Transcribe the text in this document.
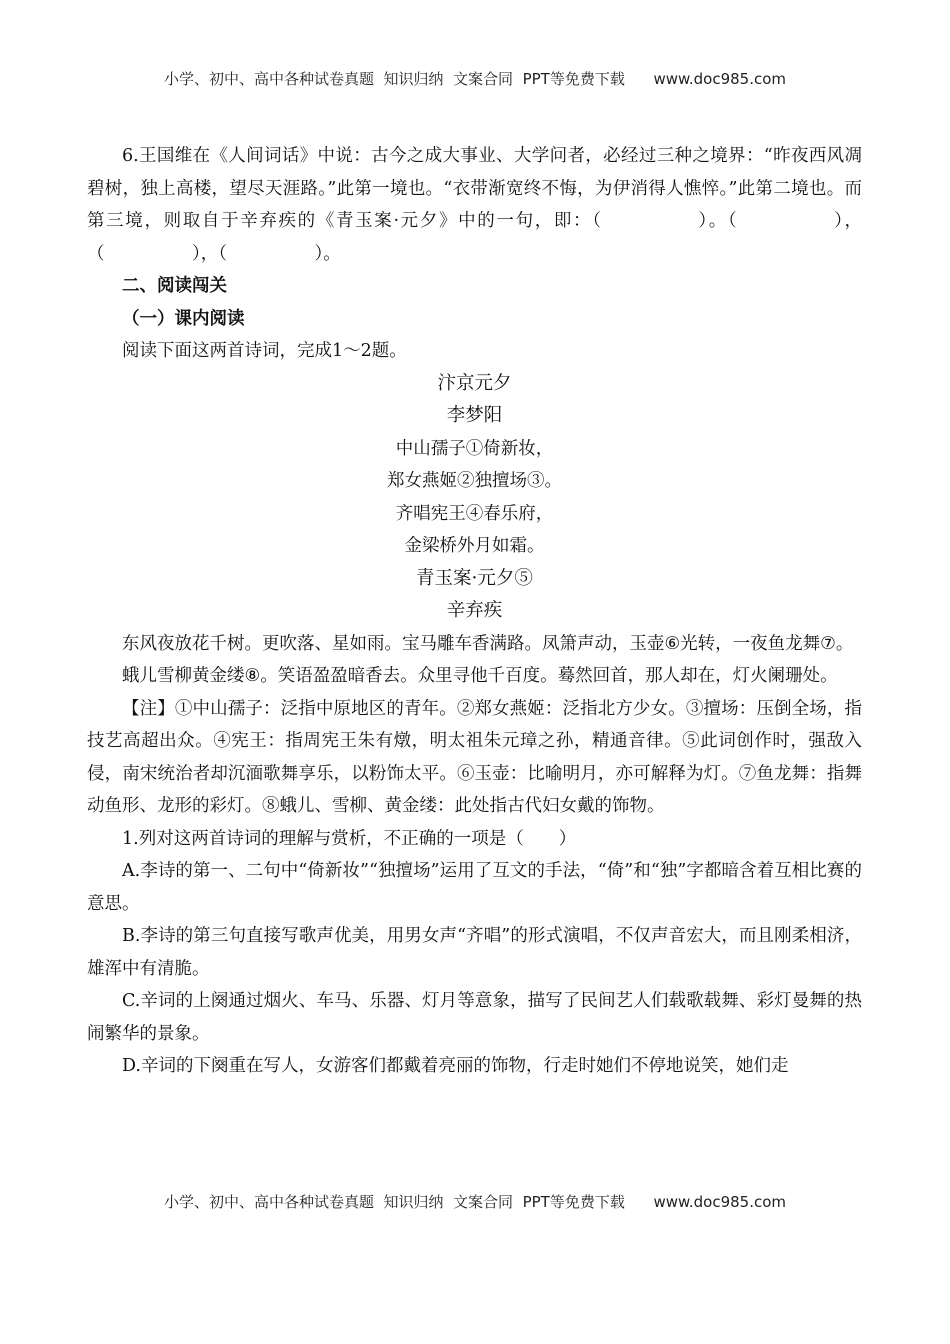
小学、初中、高中各种试卷真题  知识归纳  文案合同  PPT等免费下载      www.doc985.com

6.王国维在《人间词话》中说：古今之成大事业、大学问者，必经过三种之境界：“昨夜西风凋碧树，独上高楼，望尽天涯路。”此第一境也。“衣带渐宽终不悔，为伊消得人憔悴。”此第二境也。而第三境，则取自于辛弃疾的《青玉案·元夕》中的一句，即：（　　　　　）。（　　　　　），（　　　　　），（　　　　　）。

二、阅读闯关

（一）课内阅读

阅读下面这两首诗词，完成1～2题。

汴京元夕

李梦阳

中山孺子①倚新妆，

郑女燕姬②独擅场③。

齐唱宪王④春乐府，

金梁桥外月如霜。

青玉案·元夕⑤

辛弃疾

东风夜放花千树。更吹落、星如雨。宝马雕车香满路。凤箫声动，玉壶⑥光转，一夜鱼龙舞⑦。

蛾儿雪柳黄金缕⑧。笑语盈盈暗香去。众里寻他千百度。蓦然回首，那人却在，灯火阑珊处。

【注】①中山孺子：泛指中原地区的青年。②郑女燕姬：泛指北方少女。③擅场：压倒全场，指技艺高超出众。④宪王：指周宪王朱有燉，明太祖朱元璋之孙，精通音律。⑤此词创作时，强敌入侵，南宋统治者却沉湎歌舞享乐，以粉饰太平。⑥玉壶：比喻明月，亦可解释为灯。⑦鱼龙舞：指舞动鱼形、龙形的彩灯。⑧蛾儿、雪柳、黄金缕：此处指古代妇女戴的饰物。

1.列对这两首诗词的理解与赏析，不正确的一项是（　　）

A.李诗的第一、二句中“倚新妆”“独擅场”运用了互文的手法，“倚”和“独”字都暗含着互相比赛的意思。

B.李诗的第三句直接写歌声优美，用男女声“齐唱”的形式演唱，不仅声音宏大，而且刚柔相济，雄浑中有清脆。

C.辛词的上阕通过烟火、车马、乐器、灯月等意象，描写了民间艺人们载歌载舞、彩灯曼舞的热闹繁华的景象。

D.辛词的下阕重在写人，女游客们都戴着亮丽的饰物，行走时她们不停地说笑，她们走

小学、初中、高中各种试卷真题  知识归纳  文案合同  PPT等免费下载      www.doc985.com
